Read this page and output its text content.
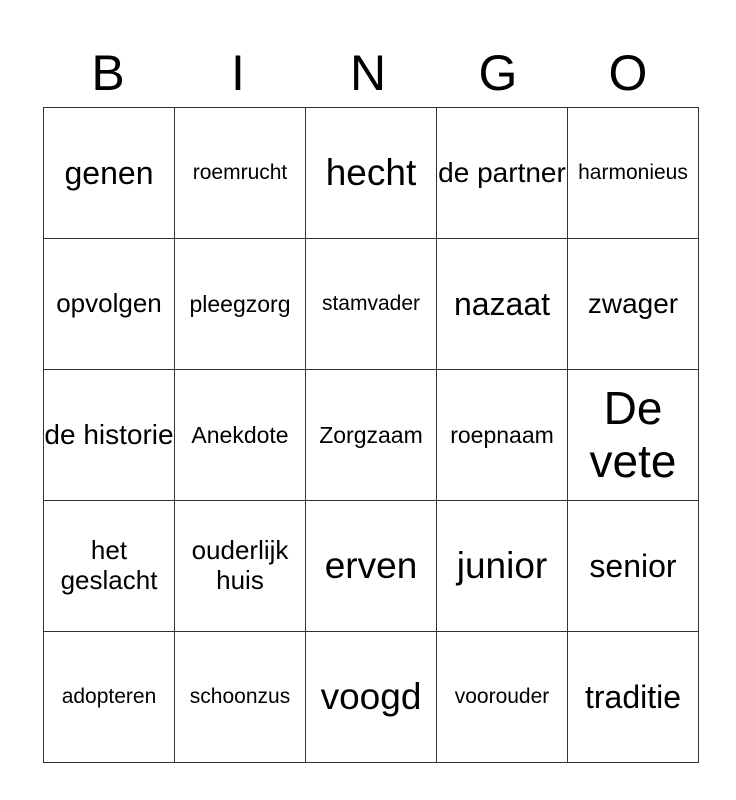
B	I	N	G	O
genen	roemrucht	hecht	de partner	harmonieus
opvolgen	pleegzorg	stamvader	nazaat	zwager
de historie	Anekdote	Zorgzaam	roepnaam	De vete
het geslacht	ouderlijk huis	erven	junior	senior
adopteren	schoonzus	voogd	voorouder	traditie
